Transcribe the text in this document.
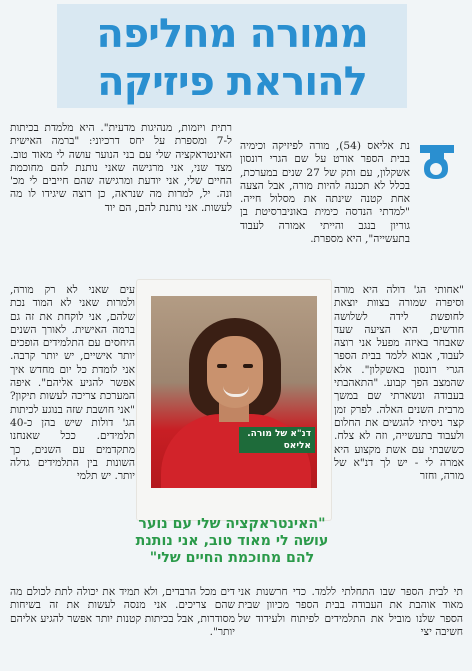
ממורה מחליפה
להוראת פיזיקה
נת אליאס (54), מורה לפיזיקה וכימיה בבית הספר אורט על שם הגרי רונסון אשקלון, עם ותק של 27 שנים במערכת, בכלל לא תכננה להיות מורה, אבל הצעה אחת קטנה שינתה את מסלול חייה. "למדתי הנדסה כימית באוניברסיטת בן גוריון בנגב והייתי אמורה לעבוד בתעשייה", היא מספרת.
רתית ויזמות, מנהיגות מדעית". היא מלמדת בכיתות ל-7 ומספרת על יחס דרכיוני: "ברמה האישית האינטראקציה שלי עם בני הנוער עושה לי מאוד טוב. מצד שני, אני מרגישה שאני נותנת להם מחוכמת החיים שלי, אני יודעת ומרגישה שהם חייבים לי מכ' ונה. יל, למרות מה שנראה, כן רוצה שיגידו לו מה לעשות. אני נותנת להם, הם יוד
"אחותי הג' דולה היא מורה וסיפרה שמורה בצוות יוצאת לחופשת לידה לשלושה חודשים, היא הציעה שעד שאבחר באיזה מפעל אני רוצה לעבוד, אבוא ללמד בבית הספר הגרי רונסון באשקלון". אלא שהמצב הפך קבוע. "התאהבתי בעבודה ונשארתי שם במשך מרבית השנים האלה. לפרק זמן קצר ניסיתי להגשים את החלום ולעבוד בתעשייה, וזה לא צלח. כששבתי עם אשת מקצוע היא אמרה לי - יש לך דנ"א של מורה, וחזר
עים שאני לא רק מורה, ולמרות שאני לא המוד נכת שלהם, אני לוקחת את זה גם ברמה האישית. לאורך השנים היחסים עם התלמידים הופכים יותר אישיים, יש יותר קרבה. אני לומדת כל יום מחדש איך אפשר להגיע אליהם". איפה המערכת צריכה לעשות תיקון? "אני חושבת שזה בנוגע לכיתות הג' דולות שיש בהן כ-40 תלמידים. ככל שאנחנו מתקדמים עם השנים, כך השונות בין התלמידים גדלה יותר. יש תלמי
דנ"א של מורה.
אליאס
"האינטראקציה שלי עם נוער עושה לי מאוד טוב, אני נותנת להם מחוכמת החיים שלי"
דים מכל הרבדים, ולא תמיד את יכולה לתת לכולם מה שהם צריכים. אני מנסה לעשות את זה בשיחות מסודרות, אבל בכיתות קטנות יותר אפשר להגיע אליהם יותר".
תי לבית הספר שבו התחלתי ללמד. כדי חרשנות אני מאוד אוהבת את העבודה בבית הספר מכיוון שבית הספר שלנו מוביל את התלמידים לפיתוח ולעידוד של חשיבה יצי
